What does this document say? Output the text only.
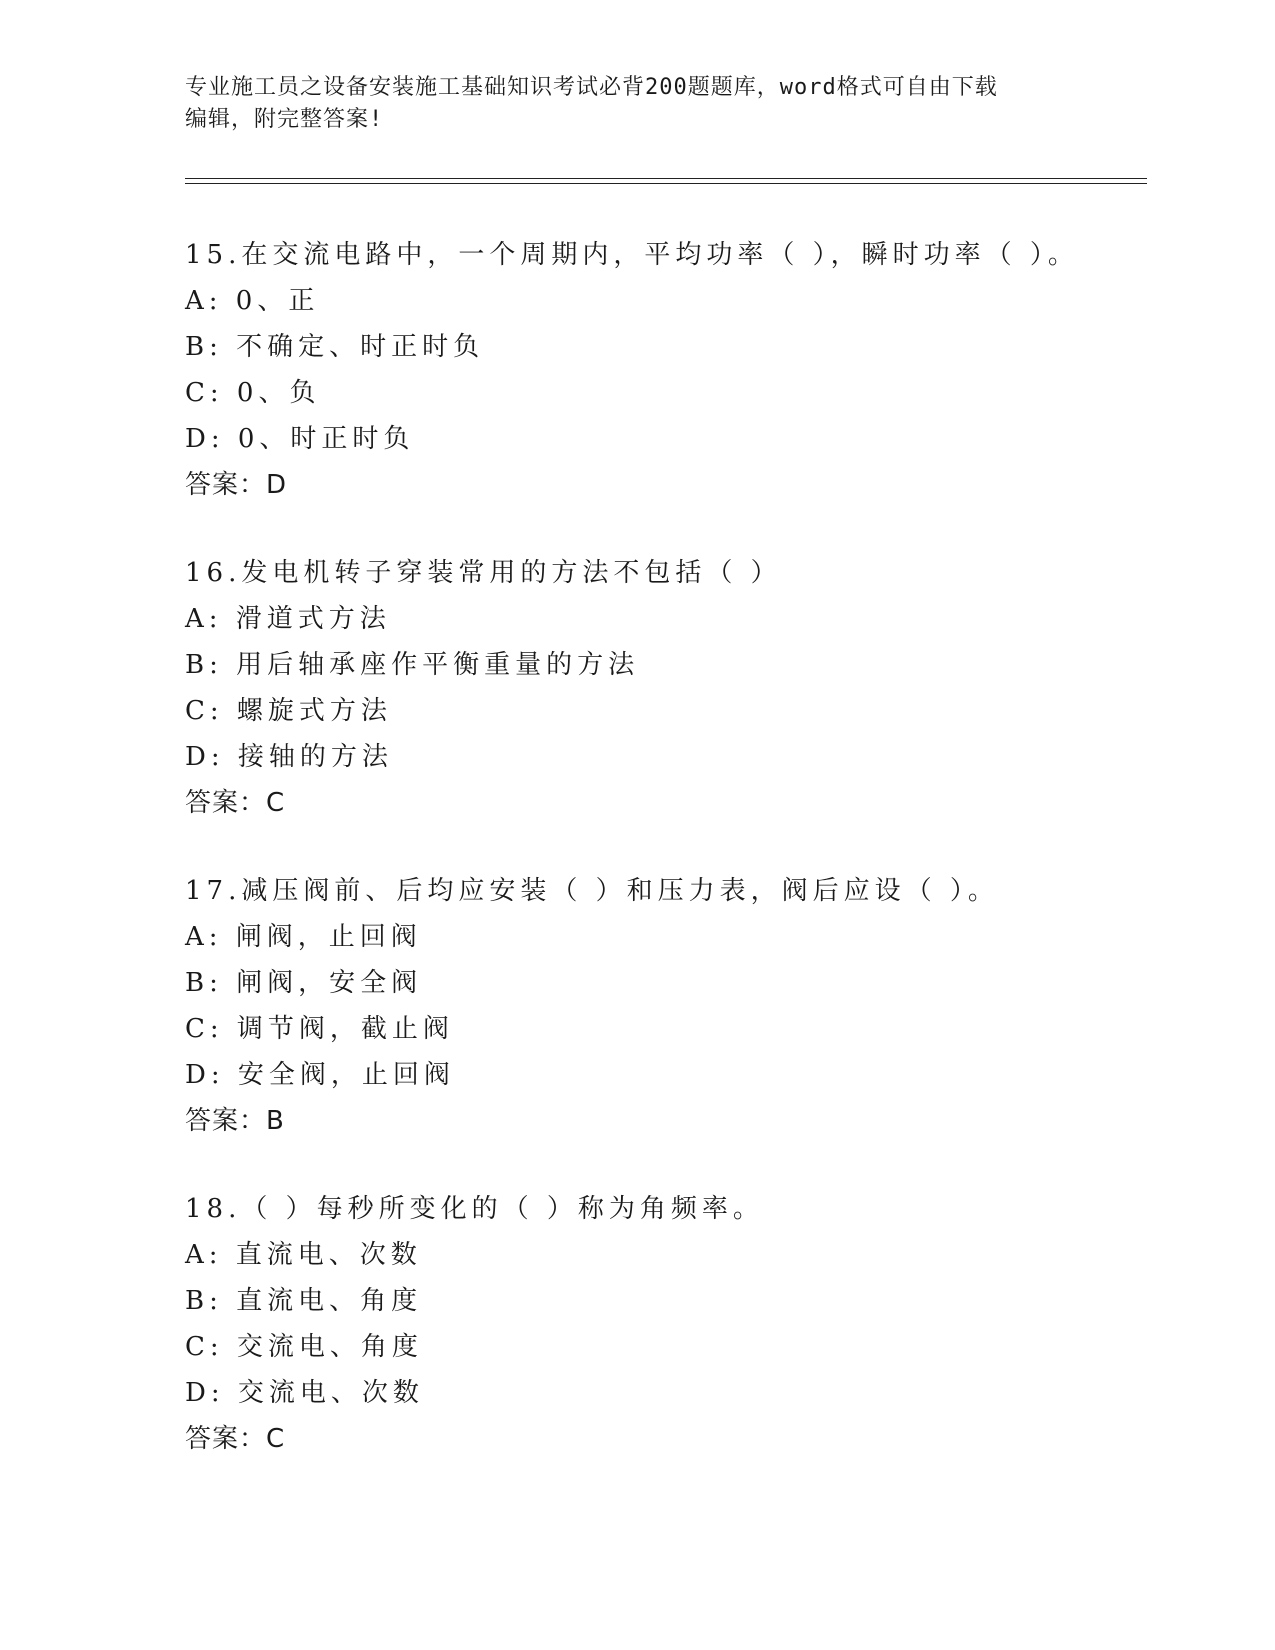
专业施工员之设备安装施工基础知识考试必背200题题库，word格式可自由下载
编辑，附完整答案!
15.在交流电路中，一个周期内，平均功率（ ），瞬时功率（ ）。
A: 0、正
B: 不确定、时正时负
C: 0、负
D: 0、时正时负
答案：D
16.发电机转子穿装常用的方法不包括（ ）
A: 滑道式方法
B: 用后轴承座作平衡重量的方法
C: 螺旋式方法
D: 接轴的方法
答案：C
17.减压阀前、后均应安装（ ）和压力表，阀后应设（ ）。
A: 闸阀，止回阀
B: 闸阀，安全阀
C: 调节阀，截止阀
D: 安全阀，止回阀
答案：B
18.（ ）每秒所变化的（ ）称为角频率。
A: 直流电、次数
B: 直流电、角度
C: 交流电、角度
D: 交流电、次数
答案：C
